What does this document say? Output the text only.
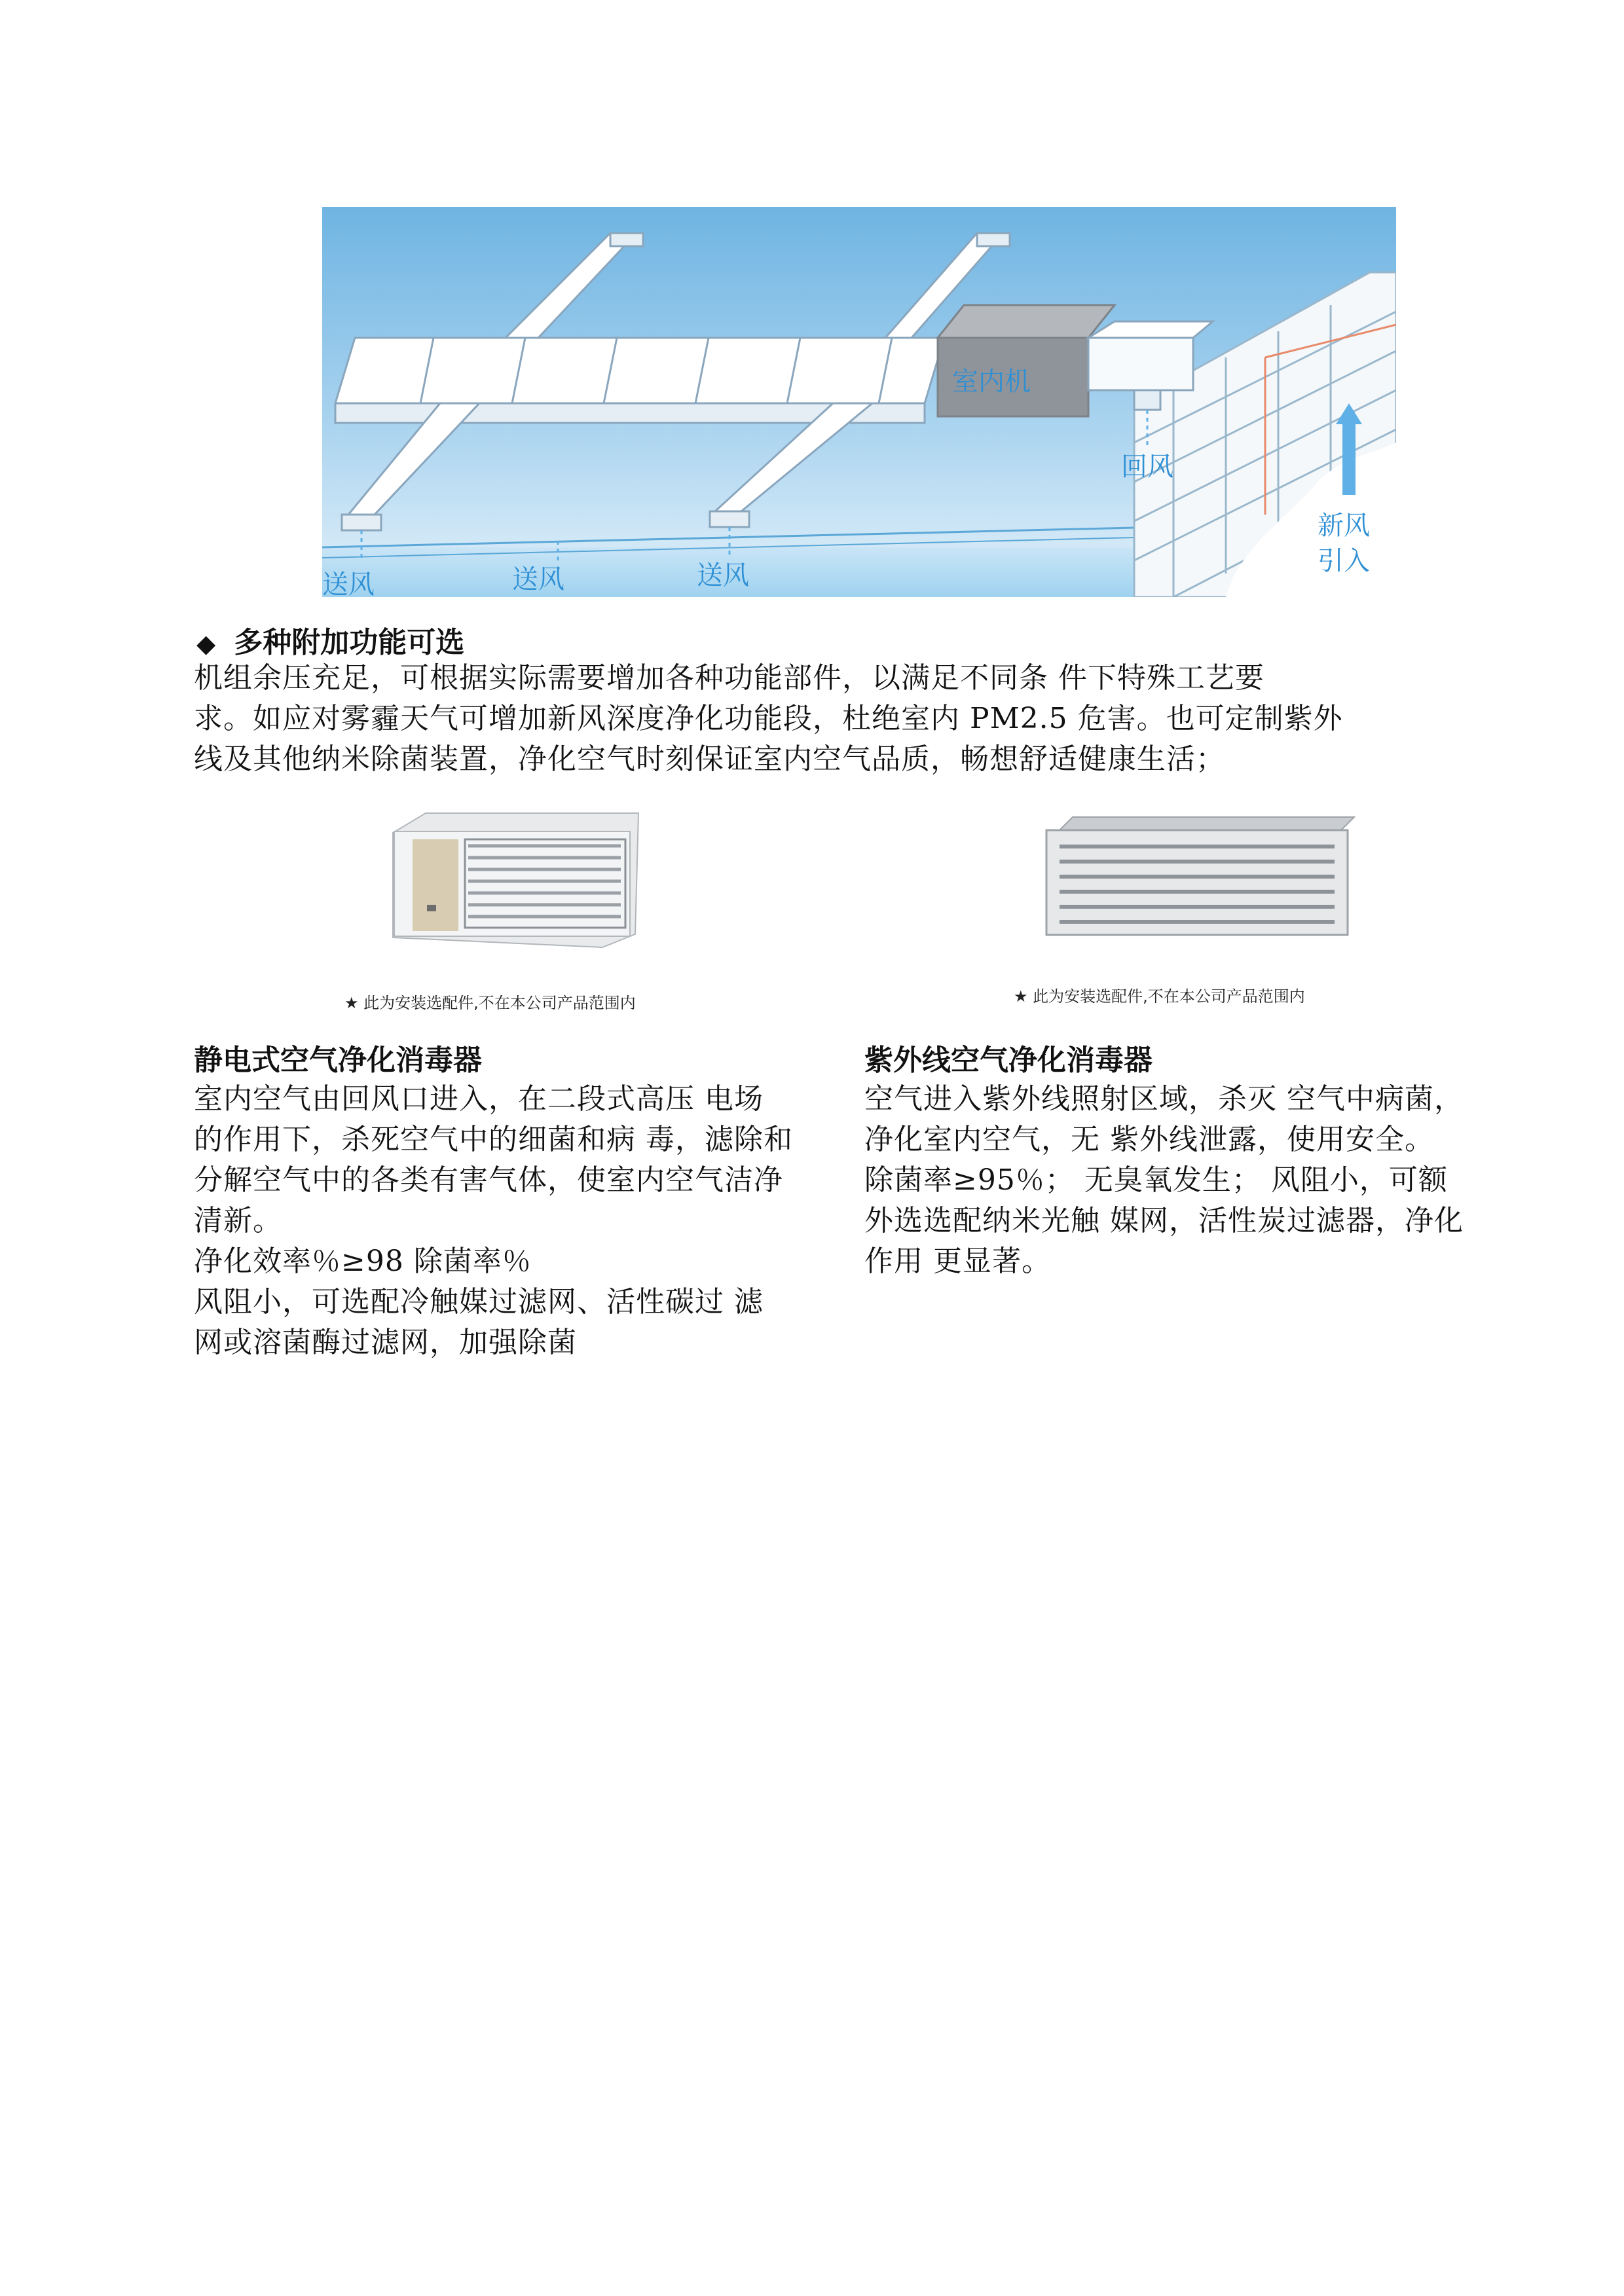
室内机
回风
送风	送风	送风
新风
引入
◆ 多种附加功能可选
机组余压充足，可根据实际需要增加各种功能部件，以满足不同条 件下特殊工艺要
求。如应对雾霾天气可增加新风深度净化功能段，杜绝室内 PM2.5 危害。也可定制紫外
线及其他纳米除菌装置，净化空气时刻保证室内空气品质，畅想舒适健康生活；
★ 此为安装选配件,不在本公司产品范围内	★ 此为安装选配件,不在本公司产品范围内
静电式空气净化消毒器
室内空气由回风口进入，在二段式高压 电场
的作用下，杀死空气中的细菌和病 毒，滤除和
分解空气中的各类有害气体，使室内空气洁净
清新。
净化效率％≥98 除菌率％
风阻小，可选配冷触媒过滤网、活性碳过 滤
网或溶菌酶过滤网，加强除菌
紫外线空气净化消毒器
空气进入紫外线照射区域，杀灭 空气中病菌，
净化室内空气，无 紫外线泄露，使用安全。
除菌率≥95％； 无臭氧发生； 风阻小，可额
外选选配纳米光触 媒网，活性炭过滤器，净化
作用 更显著。
